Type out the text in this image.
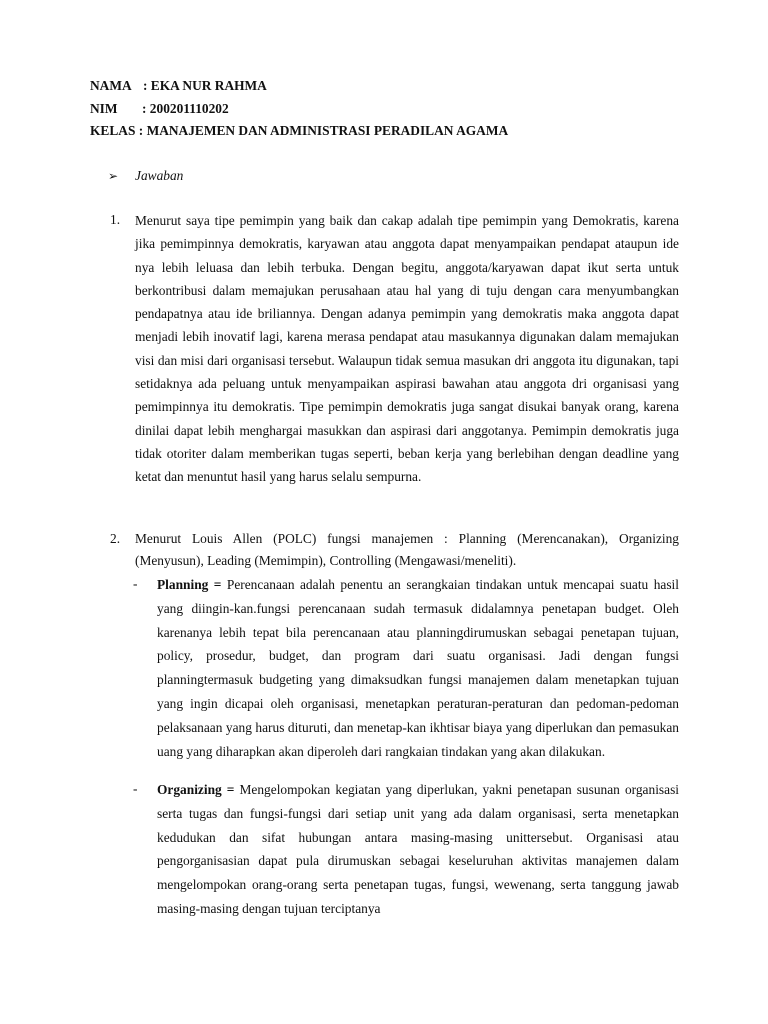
NAMA : EKA NUR RAHMA
NIM : 200201110202
KELAS : MANAJEMEN DAN ADMINISTRASI PERADILAN AGAMA
➢ Jawaban
1. Menurut saya tipe pemimpin yang baik dan cakap adalah tipe pemimpin yang Demokratis, karena jika pemimpinnya demokratis, karyawan atau anggota dapat menyampaikan pendapat ataupun ide nya lebih leluasa dan lebih terbuka. Dengan begitu, anggota/karyawan dapat ikut serta untuk berkontribusi dalam memajukan perusahaan atau hal yang di tuju dengan cara menyumbangkan pendapatnya atau ide briliannya. Dengan adanya pemimpin yang demokratis maka anggota dapat menjadi lebih inovatif lagi, karena merasa pendapat atau masukannya digunakan dalam memajukan visi dan misi dari organisasi tersebut. Walaupun tidak semua masukan dri anggota itu digunakan, tapi setidaknya ada peluang untuk menyampaikan aspirasi bawahan atau anggota dri organisasi yang pemimpinnya itu demokratis. Tipe pemimpin demokratis juga sangat disukai banyak orang, karena dinilai dapat lebih menghargai masukkan dan aspirasi dari anggotanya. Pemimpin demokratis juga tidak otoriter dalam memberikan tugas seperti, beban kerja yang berlebihan dengan deadline yang ketat dan menuntut hasil yang harus selalu sempurna.
2. Menurut Louis Allen (POLC) fungsi manajemen : Planning (Merencanakan), Organizing (Menyusun), Leading (Memimpin), Controlling (Mengawasi/meneliti).
- Planning = Perencanaan adalah penentu an serangkaian tindakan untuk mencapai suatu hasil yang diingin-kan.fungsi perencanaan sudah termasuk didalamnya penetapan budget. Oleh karenanya lebih tepat bila perencanaan atau planningdirumuskan sebagai penetapan tujuan, policy, prosedur, budget, dan program dari suatu organisasi. Jadi dengan fungsi planningtermasuk budgeting yang dimaksudkan fungsi manajemen dalam menetapkan tujuan yang ingin dicapai oleh organisasi, menetapkan peraturan-peraturan dan pedoman-pedoman pelaksanaan yang harus dituruti, dan menetap-kan ikhtisar biaya yang diperlukan dan pemasukan uang yang diharapkan akan diperoleh dari rangkaian tindakan yang akan dilakukan.
- Organizing = Mengelompokan kegiatan yang diperlukan, yakni penetapan susunan organisasi serta tugas dan fungsi-fungsi dari setiap unit yang ada dalam organisasi, serta menetapkan kedudukan dan sifat hubungan antara masing-masing unittersebut. Organisasi atau pengorganisasian dapat pula dirumuskan sebagai keseluruhan aktivitas manajemen dalam mengelompokan orang-orang serta penetapan tugas, fungsi, wewenang, serta tanggung jawab masing-masing dengan tujuan terciptanya
